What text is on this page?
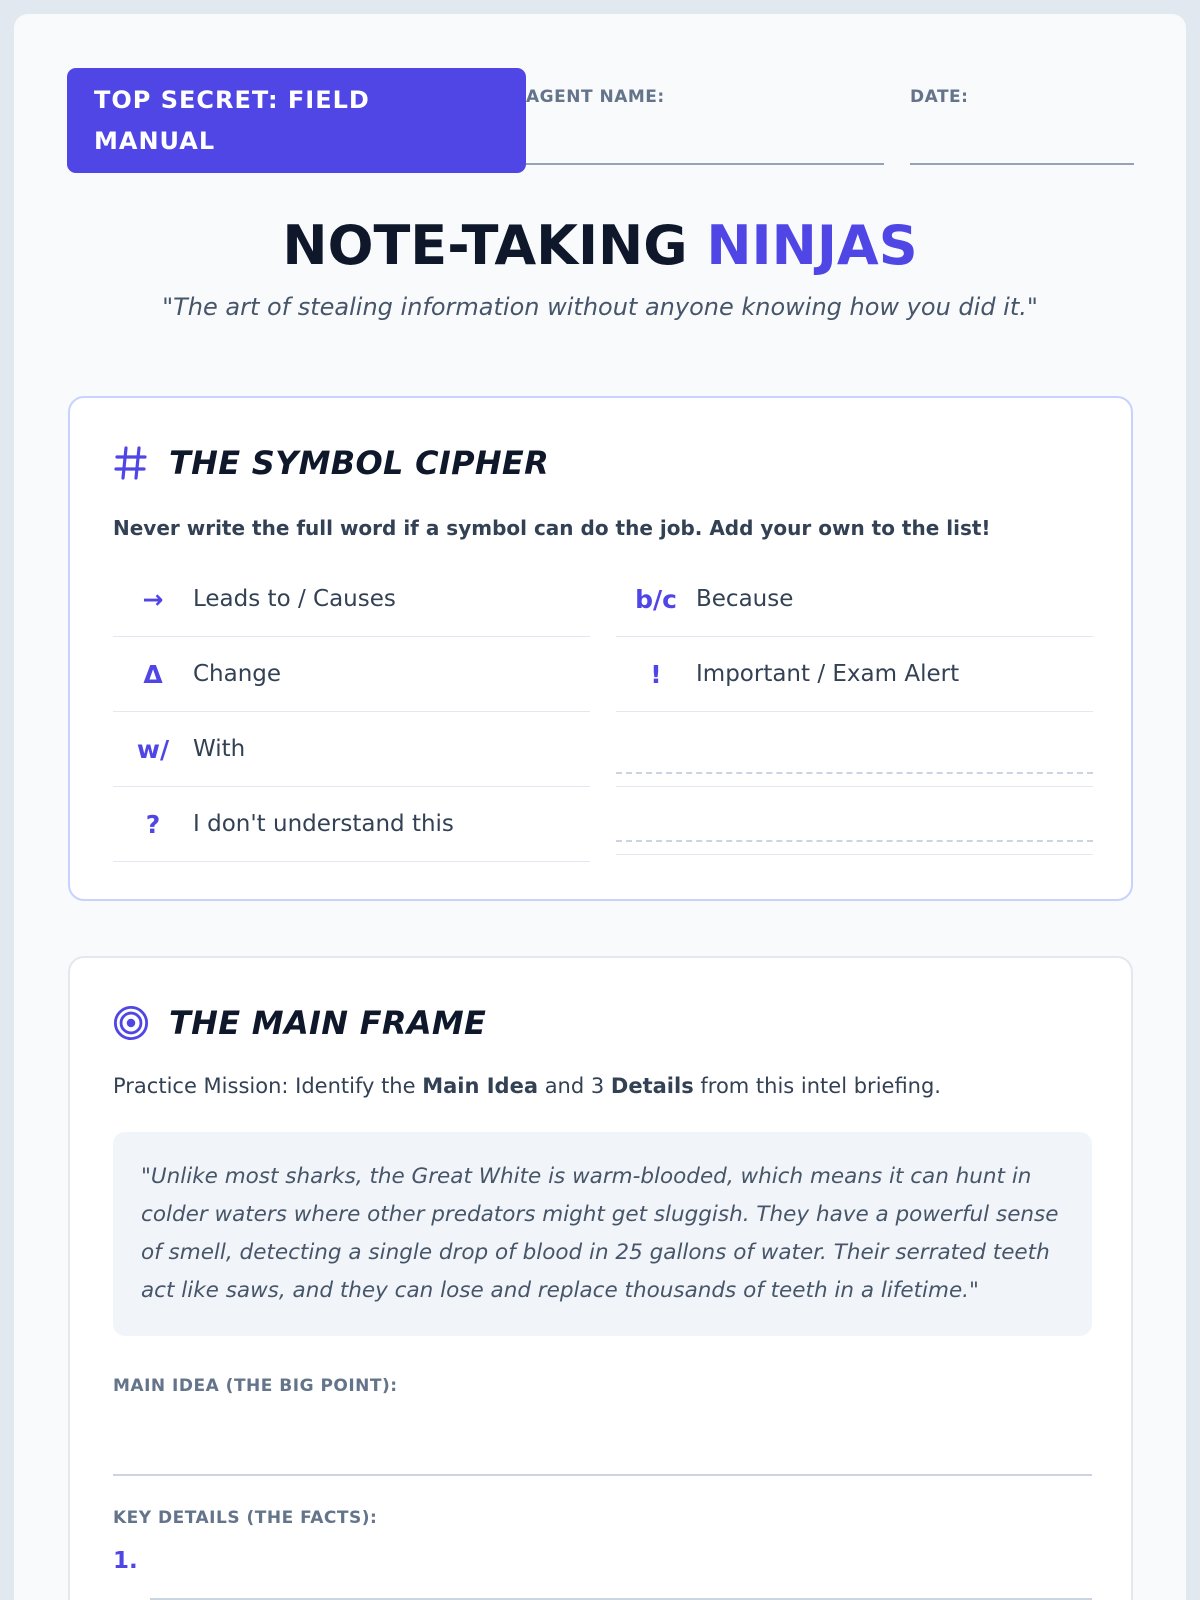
TOP SECRET: FIELD MANUAL
AGENT NAME:	DATE:
NOTE-TAKING NINJAS
"The art of stealing information without anyone knowing how you did it."
THE SYMBOL CIPHER
Never write the full word if a symbol can do the job. Add your own to the list!
→	Leads to / Causes
Δ	Change
w/	With
?	I don't understand this
b/c Because
!	Important / Exam Alert
THE MAIN FRAME
Practice Mission: Identify the Main Idea and 3 Details from this intel briefing.
"Unlike most sharks, the Great White is warm-blooded, which means it can hunt in colder waters where other predators might get sluggish. They have a powerful sense of smell, detecting a single drop of blood in 25 gallons of water. Their serrated teeth act like saws, and they can lose and replace thousands of teeth in a lifetime."
MAIN IDEA (THE BIG POINT):
KEY DETAILS (THE FACTS):
1.
